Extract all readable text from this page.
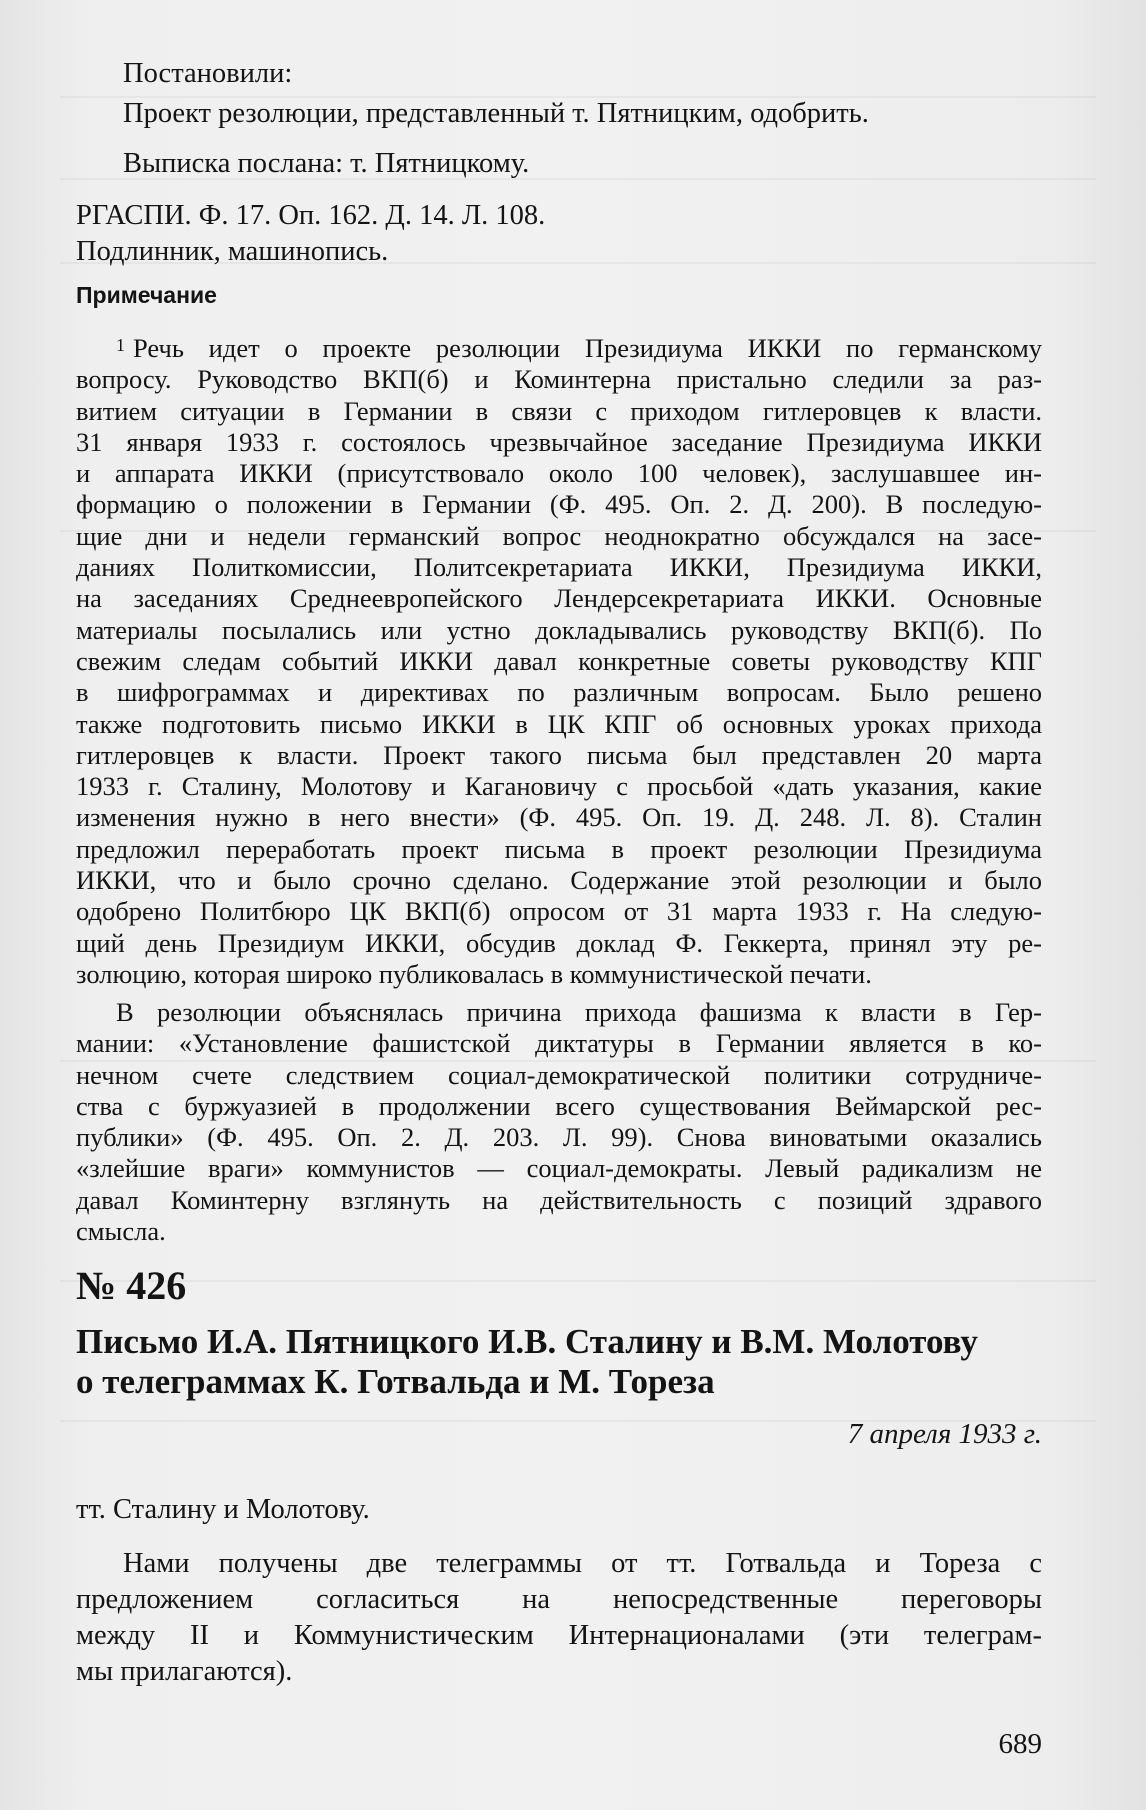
Постановили:

Проект резолюции, представленный т. Пятницким, одобрить.

Выписка послана: т. Пятницкому.

РГАСПИ. Ф. 17. Оп. 162. Д. 14. Л. 108.

Подлинник, машинопись.

Примечание
$^1$ Речь идет о проекте резолюции Президиума ИККИ по германскому
вопросу. Руководство ВКП(б) и Коминтерна пристально следили за раз-
витием ситуации в Германии в связи с приходом гитлеровцев к власти.
31 января 1933 г. состоялось чрезвычайное заседание Президиума ИККИ
и аппарата ИККИ (присутствовало около 100 человек), заслушавшее ин-
формацию о положении в Германии (Ф. 495. Оп. 2. Д. 200). В последую-
щие дни и недели германский вопрос неоднократно обсуждался на засе-
даниях Политкомиссии, Политсекретариата ИККИ, Президиума ИККИ,
на заседаниях Среднеевропейского Лендерсекретариата ИККИ. Основные
материалы посылались или устно докладывались руководству ВКП(б). По
свежим следам событий ИККИ давал конкретные советы руководству КПГ
в шифрограммах и директивах по различным вопросам. Было решено
также подготовить письмо ИККИ в ЦК КПГ об основных уроках прихода
гитлеровцев к власти. Проект такого письма был представлен 20 марта
1933 г. Сталину, Молотову и Кагановичу с просьбой «дать указания, какие
изменения нужно в него внести» (Ф. 495. Оп. 19. Д. 248. Л. 8). Сталин
предложил переработать проект письма в проект резолюции Президиума
ИККИ, что и было срочно сделано. Содержание этой резолюции и было
одобрено Политбюро ЦК ВКП(б) опросом от 31 марта 1933 г. На следую-
щий день Президиум ИККИ, обсудив доклад Ф. Геккерта, принял эту ре-
золюцию, которая широко публиковалась в коммунистической печати.
В резолюции объяснялась причина прихода фашизма к власти в Гер-
мании: «Установление фашистской диктатуры в Германии является в ко-
нечном счете следствием социал-демократической политики сотрудниче-
ства с буржуазией в продолжении всего существования Веймарской рес-
публики» (Ф. 495. Оп. 2. Д. 203. Л. 99). Снова виноватыми оказались
«злейшие враги» коммунистов — социал-демократы. Левый радикализм не
давал Коминтерну взглянуть на действительность с позиций здравого
смысла.
№ 426
Письмо И.А. Пятницкого И.В. Сталину и В.М. Молотову
о телеграммах К. Готвальда и М. Тореза
7 апреля 1933 г.

тт. Сталину и Молотову.

Нами получены две телеграммы от тт. Готвальда и Тореза с
предложением согласиться на непосредственные переговоры
между II и Коммунистическим Интернационалами (эти телеграм-
мы прилагаются).
689
